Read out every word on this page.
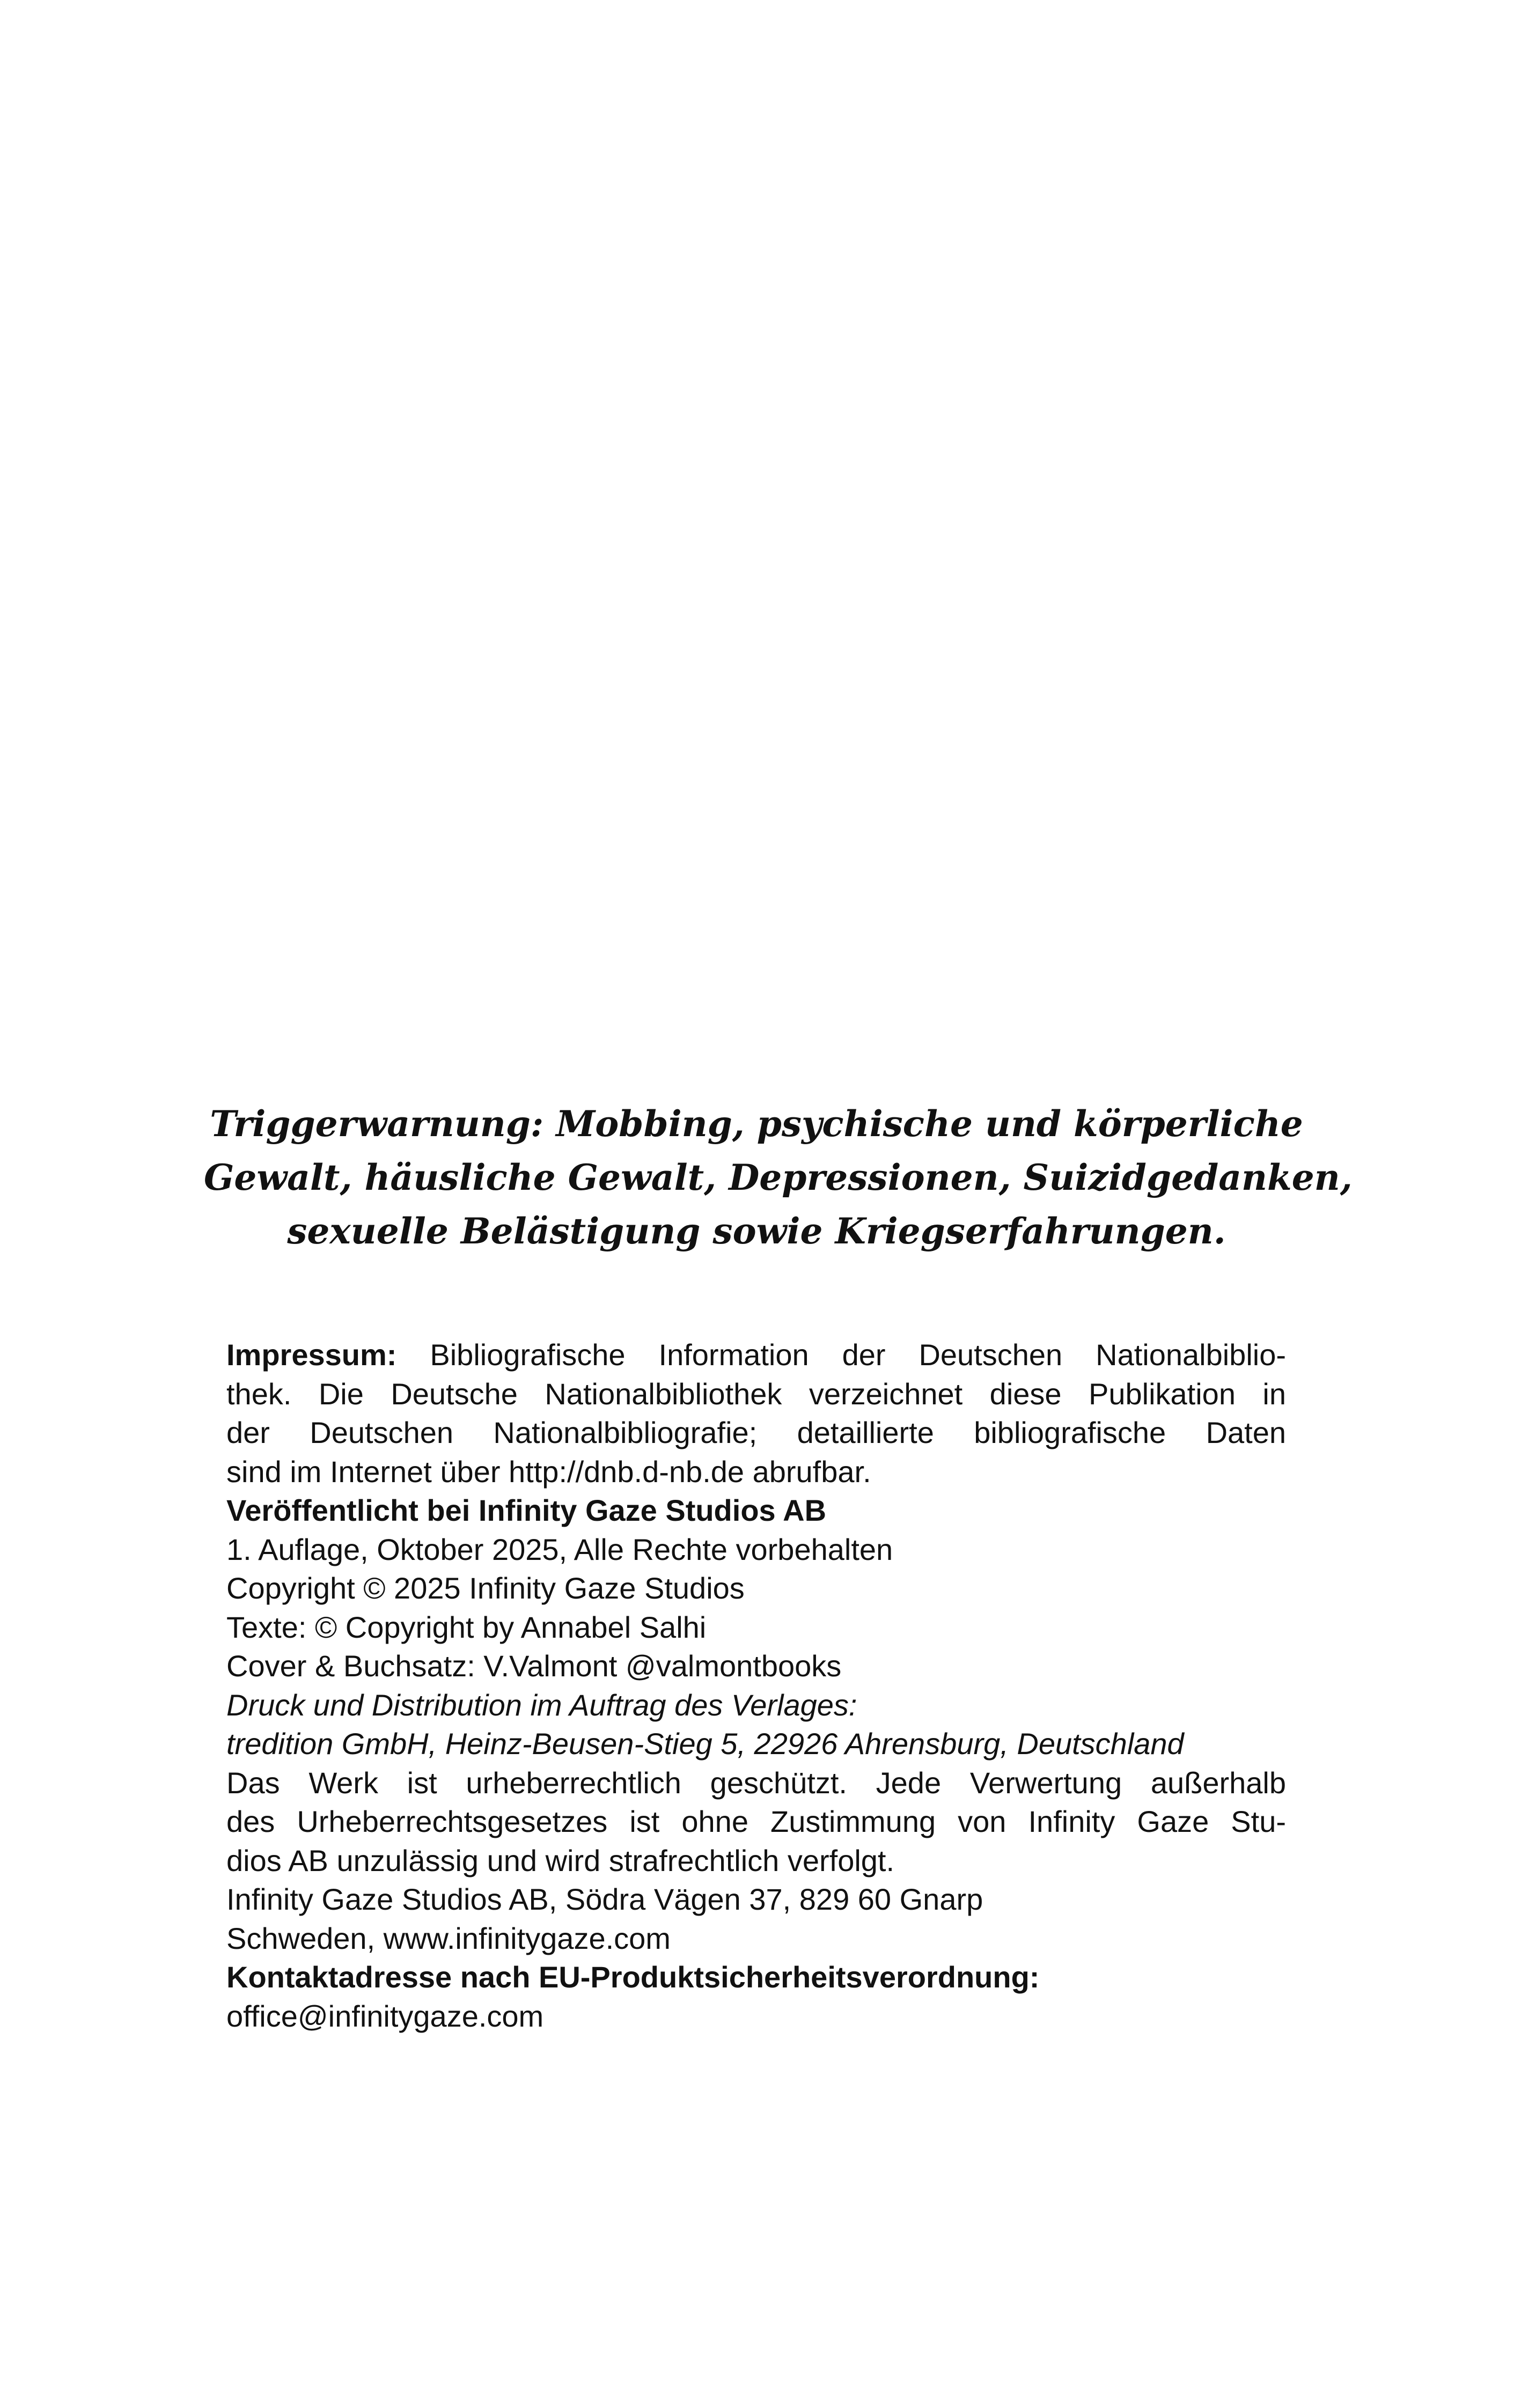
Triggerwarnung: Mobbing, psychische und körperliche
Gewalt, häusliche Gewalt, Depressionen, Suizidgedanken,
sexuelle Belästigung sowie Kriegserfahrungen.
Impressum: Bibliografische Information der Deutschen Nationalbiblio-
thek. Die Deutsche Nationalbibliothek verzeichnet diese Publikation in
der Deutschen Nationalbibliografie; detaillierte bibliografische Daten
sind im Internet über http://dnb.d-nb.de abrufbar.
Veröffentlicht bei Infinity Gaze Studios AB
1. Auflage, Oktober 2025, Alle Rechte vorbehalten
Copyright © 2025 Infinity Gaze Studios
Texte: © Copyright by Annabel Salhi
Cover & Buchsatz: V.Valmont @valmontbooks
Druck und Distribution im Auftrag des Verlages:
tredition GmbH, Heinz-Beusen-Stieg 5, 22926 Ahrensburg, Deutschland
Das Werk ist urheberrechtlich geschützt. Jede Verwertung außerhalb
des Urheberrechtsgesetzes ist ohne Zustimmung von Infinity Gaze Stu-
dios AB unzulässig und wird strafrechtlich verfolgt.
Infinity Gaze Studios AB, Södra Vägen 37, 829 60 Gnarp
Schweden, www.infinitygaze.com
Kontaktadresse nach EU-Produktsicherheitsverordnung:
office@infinitygaze.com
